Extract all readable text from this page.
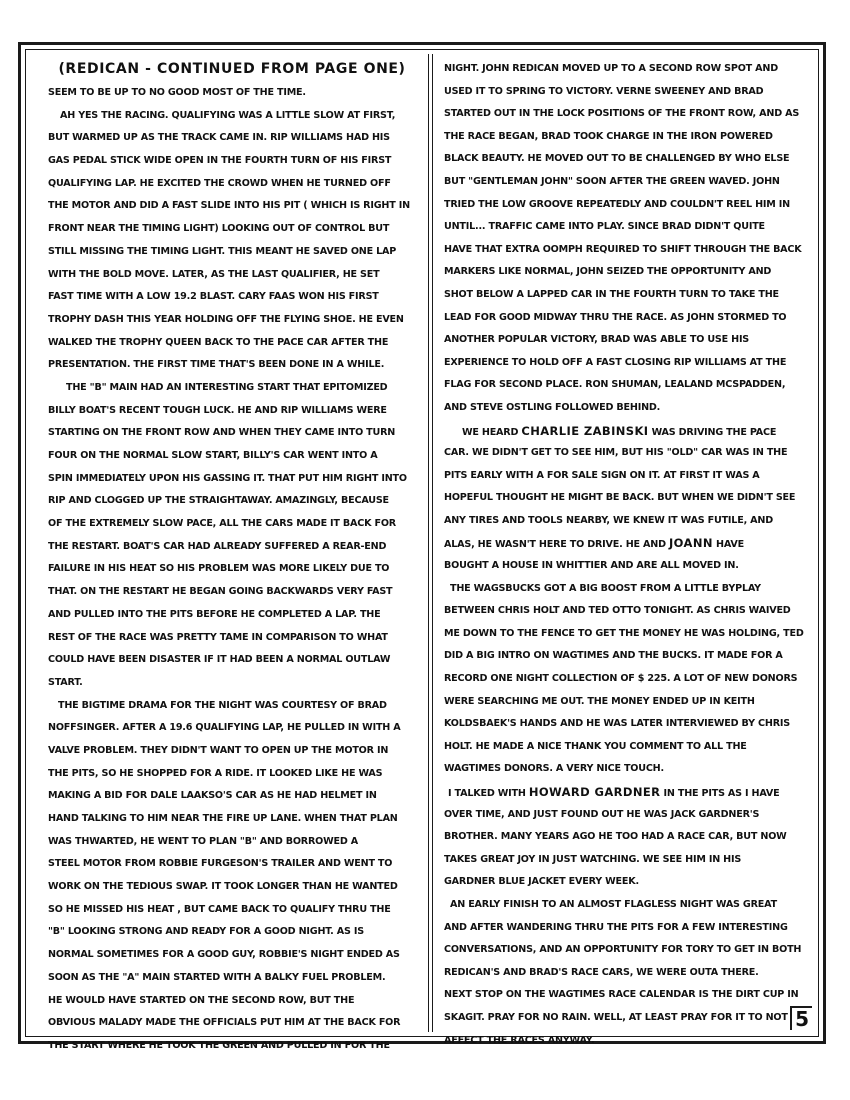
(REDICAN - CONTINUED FROM PAGE ONE)
SEEM TO BE UP TO NO GOOD MOST OF THE TIME.
AH YES THE RACING. QUALIFYING WAS A LITTLE SLOW AT FIRST,
BUT WARMED UP AS THE TRACK CAME IN. RIP WILLIAMS HAD HIS
GAS PEDAL STICK WIDE OPEN IN THE FOURTH TURN OF HIS FIRST
QUALIFYING LAP. HE EXCITED THE CROWD WHEN HE TURNED OFF
THE MOTOR AND DID A FAST SLIDE INTO HIS PIT ( WHICH IS RIGHT IN
FRONT NEAR THE TIMING LIGHT) LOOKING OUT OF CONTROL BUT
STILL MISSING THE TIMING LIGHT. THIS MEANT HE SAVED ONE LAP
WITH THE BOLD MOVE. LATER, AS THE LAST QUALIFIER, HE SET
FAST TIME WITH A LOW 19.2 BLAST. CARY FAAS WON HIS FIRST
TROPHY DASH THIS YEAR HOLDING OFF THE FLYING SHOE. HE EVEN
WALKED THE TROPHY QUEEN BACK TO THE PACE CAR AFTER THE
PRESENTATION. THE FIRST TIME THAT'S BEEN DONE IN A WHILE.
THE "B" MAIN HAD AN INTERESTING START THAT EPITOMIZED
BILLY BOAT'S RECENT TOUGH LUCK. HE AND RIP WILLIAMS WERE
STARTING ON THE FRONT ROW AND WHEN THEY CAME INTO TURN
FOUR ON THE NORMAL SLOW START, BILLY'S CAR WENT INTO A
SPIN IMMEDIATELY UPON HIS GASSING IT. THAT PUT HIM RIGHT INTO
RIP AND CLOGGED UP THE STRAIGHTAWAY. AMAZINGLY, BECAUSE
OF THE EXTREMELY SLOW PACE, ALL THE CARS MADE IT BACK FOR
THE RESTART. BOAT'S CAR HAD ALREADY SUFFERED A REAR-END
FAILURE IN HIS HEAT SO HIS PROBLEM WAS MORE LIKELY DUE TO
THAT. ON THE RESTART HE BEGAN GOING BACKWARDS VERY FAST
AND PULLED INTO THE PITS BEFORE HE COMPLETED A LAP. THE
REST OF THE RACE WAS PRETTY TAME IN COMPARISON TO WHAT
COULD HAVE BEEN DISASTER IF IT HAD BEEN A NORMAL OUTLAW
START.
THE BIGTIME DRAMA FOR THE NIGHT WAS COURTESY OF BRAD
NOFFSINGER. AFTER A 19.6 QUALIFYING LAP, HE PULLED IN WITH A
VALVE PROBLEM. THEY DIDN'T WANT TO OPEN UP THE MOTOR IN
THE PITS, SO HE SHOPPED FOR A RIDE. IT LOOKED LIKE HE WAS
MAKING A BID FOR DALE LAAKSO'S CAR AS HE HAD HELMET IN
HAND TALKING TO HIM NEAR THE FIRE UP LANE. WHEN THAT PLAN
WAS THWARTED, HE WENT TO PLAN "B" AND BORROWED A
STEEL MOTOR FROM ROBBIE FURGESON'S TRAILER AND WENT TO
WORK ON THE TEDIOUS SWAP. IT TOOK LONGER THAN HE WANTED
SO HE MISSED HIS HEAT , BUT CAME BACK TO QUALIFY THRU THE
"B" LOOKING STRONG AND READY FOR A GOOD NIGHT. AS IS
NORMAL SOMETIMES FOR A GOOD GUY, ROBBIE'S NIGHT ENDED AS
SOON AS THE "A" MAIN STARTED WITH A BALKY FUEL PROBLEM.
HE WOULD HAVE STARTED ON THE SECOND ROW, BUT THE
OBVIOUS MALADY MADE THE OFFICIALS PUT HIM AT THE BACK FOR
THE START WHERE HE TOOK THE GREEN AND PULLED IN FOR THE
NIGHT. JOHN REDICAN MOVED UP TO A SECOND ROW SPOT AND
USED IT TO SPRING TO VICTORY. VERNE SWEENEY AND BRAD
STARTED OUT IN THE LOCK POSITIONS OF THE FRONT ROW, AND AS
THE RACE BEGAN, BRAD TOOK CHARGE IN THE IRON POWERED
BLACK BEAUTY. HE MOVED OUT TO BE CHALLENGED BY WHO ELSE
BUT "GENTLEMAN JOHN" SOON AFTER THE GREEN WAVED. JOHN
TRIED THE LOW GROOVE REPEATEDLY AND COULDN'T REEL HIM IN
UNTIL... TRAFFIC CAME INTO PLAY. SINCE BRAD DIDN'T QUITE
HAVE THAT EXTRA OOMPH REQUIRED TO SHIFT THROUGH THE BACK
MARKERS LIKE NORMAL, JOHN SEIZED THE OPPORTUNITY AND
SHOT BELOW A LAPPED CAR IN THE FOURTH TURN TO TAKE THE
LEAD FOR GOOD MIDWAY THRU THE RACE. AS JOHN STORMED TO
ANOTHER POPULAR VICTORY, BRAD WAS ABLE TO USE HIS
EXPERIENCE TO HOLD OFF A FAST CLOSING RIP WILLIAMS AT THE
FLAG FOR SECOND PLACE. RON SHUMAN, LEALAND MCSPADDEN,
AND STEVE OSTLING FOLLOWED BEHIND.
WE HEARD CHARLIE ZABINSKI WAS DRIVING THE PACE
CAR. WE DIDN'T GET TO SEE HIM, BUT HIS "OLD" CAR WAS IN THE
PITS EARLY WITH A FOR SALE SIGN ON IT. AT FIRST IT WAS A
HOPEFUL THOUGHT HE MIGHT BE BACK. BUT WHEN WE DIDN'T SEE
ANY TIRES AND TOOLS NEARBY, WE KNEW IT WAS FUTILE, AND
ALAS, HE WASN'T HERE TO DRIVE. HE AND JOANN HAVE
BOUGHT A HOUSE IN WHITTIER AND ARE ALL MOVED IN.
THE WAGSBUCKS GOT A BIG BOOST FROM A LITTLE BYPLAY
BETWEEN CHRIS HOLT AND TED OTTO TONIGHT. AS CHRIS WAIVED
ME DOWN TO THE FENCE TO GET THE MONEY HE WAS HOLDING, TED
DID A BIG INTRO ON WAGTIMES AND THE BUCKS. IT MADE FOR A
RECORD ONE NIGHT COLLECTION OF $ 225. A LOT OF NEW DONORS
WERE SEARCHING ME OUT. THE MONEY ENDED UP IN KEITH
KOLDSBAEK'S HANDS AND HE WAS LATER INTERVIEWED BY CHRIS
HOLT. HE MADE A NICE THANK YOU COMMENT TO ALL THE
WAGTIMES DONORS. A VERY NICE TOUCH.
I TALKED WITH HOWARD GARDNER IN THE PITS AS I HAVE
OVER TIME, AND JUST FOUND OUT HE WAS JACK GARDNER'S
BROTHER. MANY YEARS AGO HE TOO HAD A RACE CAR, BUT NOW
TAKES GREAT JOY IN JUST WATCHING. WE SEE HIM IN HIS
GARDNER BLUE JACKET EVERY WEEK.
AN EARLY FINISH TO AN ALMOST FLAGLESS NIGHT WAS GREAT
AND AFTER WANDERING THRU THE PITS FOR A FEW INTERESTING
CONVERSATIONS, AND AN OPPORTUNITY FOR TORY TO GET IN BOTH
REDICAN'S AND BRAD'S RACE CARS, WE WERE OUTA THERE.
NEXT STOP ON THE WAGTIMES RACE CALENDAR IS THE DIRT CUP IN
SKAGIT. PRAY FOR NO RAIN. WELL, AT LEAST PRAY FOR IT TO NOT
AFFECT THE RACES ANYWAY.
5
